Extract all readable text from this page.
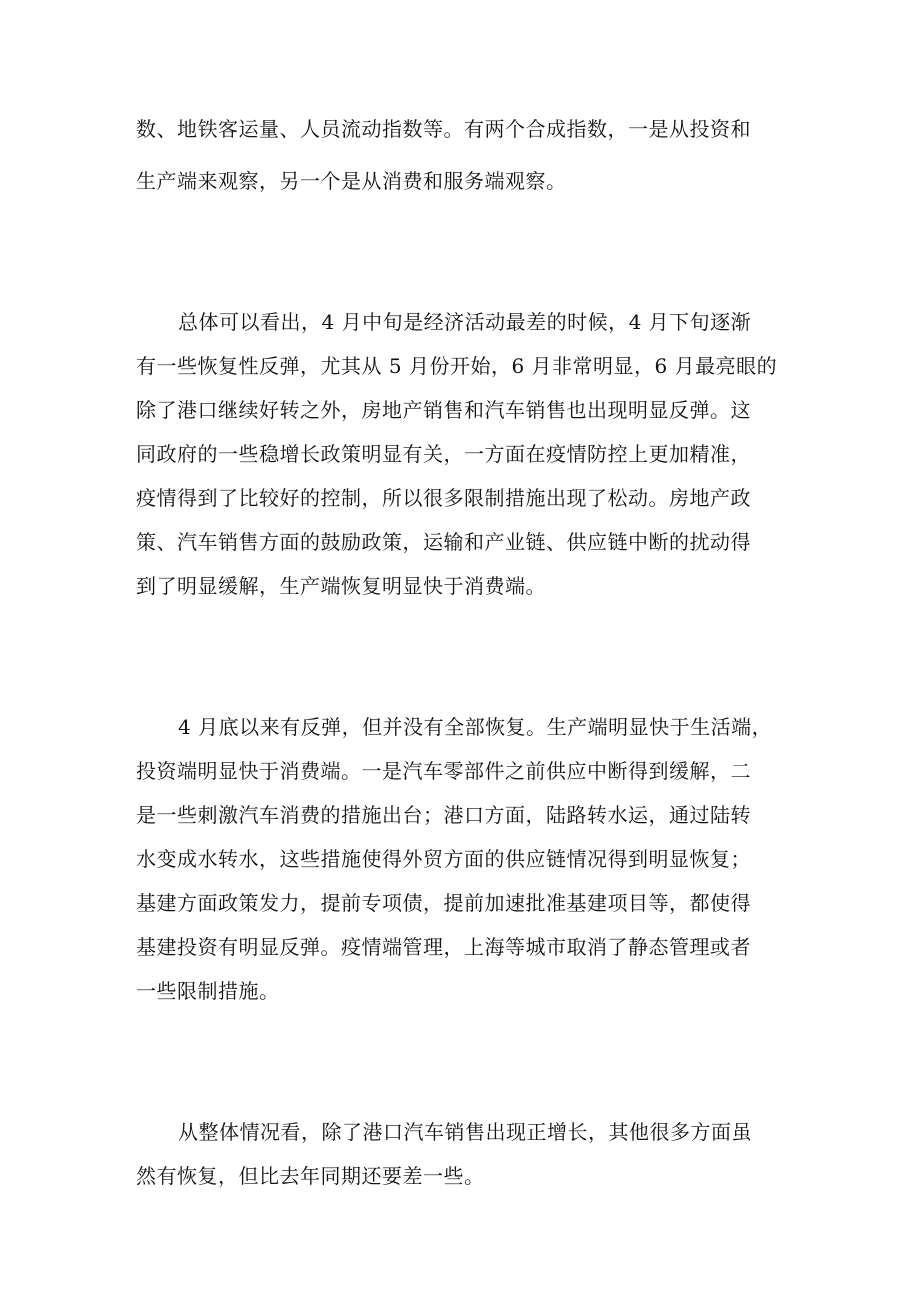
数、地铁客运量、人员流动指数等。有两个合成指数，一是从投资和
生产端来观察，另一个是从消费和服务端观察。
总体可以看出，4 月中旬是经济活动最差的时候，4 月下旬逐渐
有一些恢复性反弹，尤其从 5 月份开始，6 月非常明显，6 月最亮眼的
除了港口继续好转之外，房地产销售和汽车销售也出现明显反弹。这
同政府的一些稳增长政策明显有关，一方面在疫情防控上更加精准，
疫情得到了比较好的控制，所以很多限制措施出现了松动。房地产政
策、汽车销售方面的鼓励政策，运输和产业链、供应链中断的扰动得
到了明显缓解，生产端恢复明显快于消费端。
4 月底以来有反弹，但并没有全部恢复。生产端明显快于生活端，
投资端明显快于消费端。一是汽车零部件之前供应中断得到缓解，二
是一些刺激汽车消费的措施出台；港口方面，陆路转水运，通过陆转
水变成水转水，这些措施使得外贸方面的供应链情况得到明显恢复；
基建方面政策发力，提前专项债，提前加速批准基建项目等，都使得
基建投资有明显反弹。疫情端管理，上海等城市取消了静态管理或者
一些限制措施。
从整体情况看，除了港口汽车销售出现正增长，其他很多方面虽
然有恢复，但比去年同期还要差一些。
